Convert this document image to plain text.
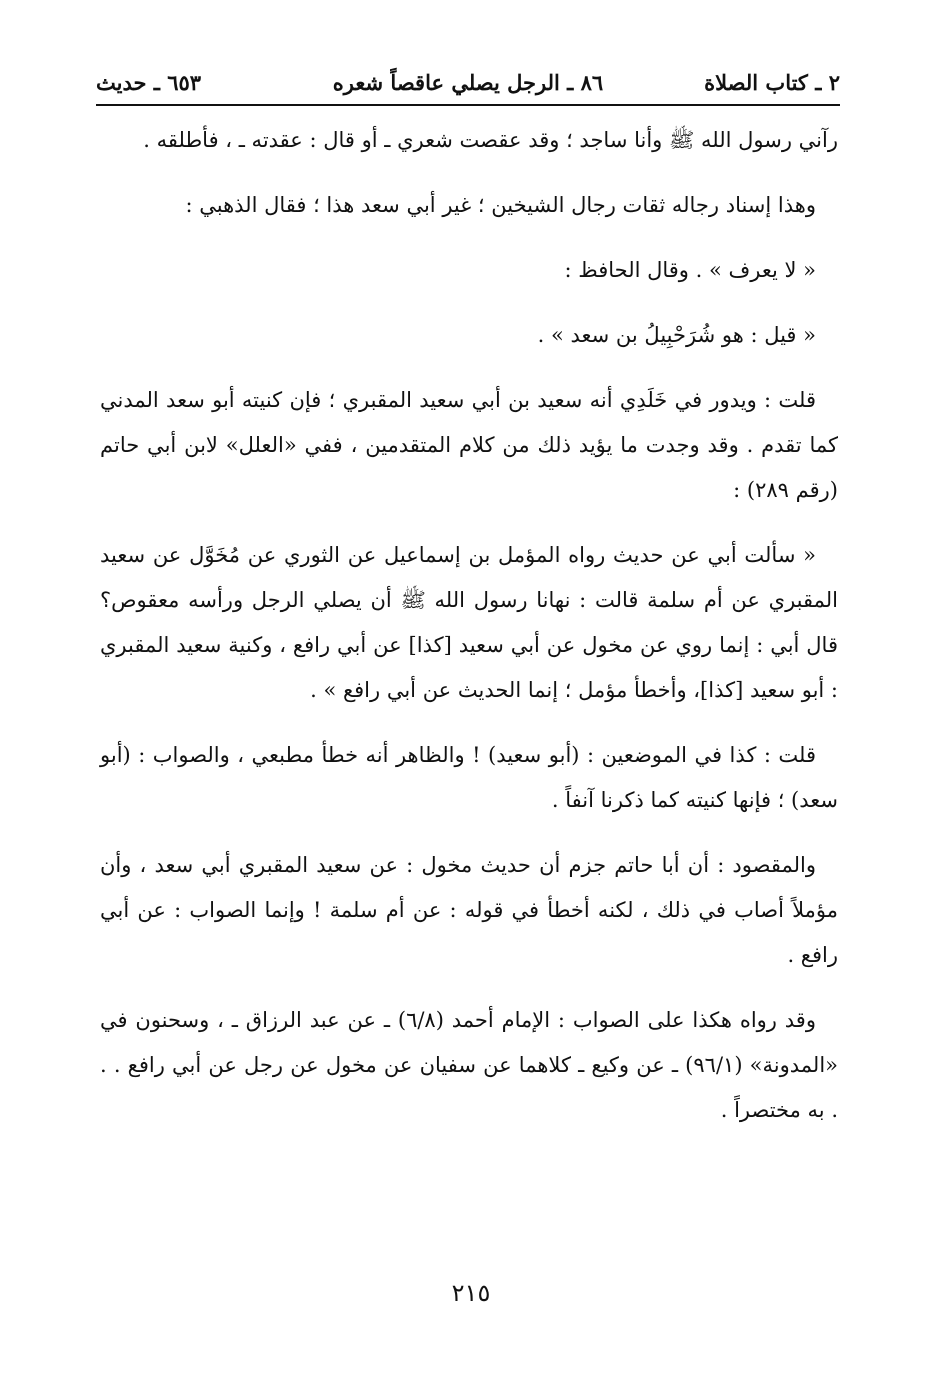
٢ ـ كتاب الصلاة
٨٦ ـ الرجل يصلي عاقصاً شعره
٦٥٣ ـ حديث

رآني رسول الله ﷺ وأنا ساجد ؛ وقد عقصت شعري ـ أو قال : عقدته ـ ، فأطلقه .

وهذا إسناد رجاله ثقات رجال الشيخين ؛ غير أبي سعد هذا ؛ فقال الذهبي :

« لا يعرف » . وقال الحافظ :

« قيل : هو شُرَحْبِيلُ بن سعد » .

قلت : ويدور في خَلَدِي أنه سعيد بن أبي سعيد المقبري ؛ فإن كنيته أبو سعد المدني كما تقدم . وقد وجدت ما يؤيد ذلك من كلام المتقدمين ، ففي «العلل» لابن أبي حاتم (رقم ٢٨٩) :

« سألت أبي عن حديث رواه المؤمل بن إسماعيل عن الثوري عن مُخَوَّل عن سعيد المقبري عن أم سلمة قالت : نهانا رسول الله ﷺ أن يصلي الرجل ورأسه معقوص؟ قال أبي : إنما روي عن مخول عن أبي سعيد [كذا] عن أبي رافع ، وكنية سعيد المقبري : أبو سعيد [كذا]، وأخطأ مؤمل ؛ إنما الحديث عن أبي رافع » .

قلت : كذا في الموضعين : (أبو سعيد) ! والظاهر أنه خطأ مطبعي ، والصواب : (أبو سعد) ؛ فإنها كنيته كما ذكرنا آنفاً .

والمقصود : أن أبا حاتم جزم أن حديث مخول : عن سعيد المقبري أبي سعد ، وأن مؤملاً أصاب في ذلك ، لكنه أخطأ في قوله : عن أم سلمة ! وإنما الصواب : عن أبي رافع .

وقد رواه هكذا على الصواب : الإمام أحمد (٦/٨) ـ عن عبد الرزاق ـ ، وسحنون في «المدونة» (٩٦/١) ـ عن وكيع ـ كلاهما عن سفيان عن مخول عن رجل عن أبي رافع . . . به مختصراً .

٢١٥
